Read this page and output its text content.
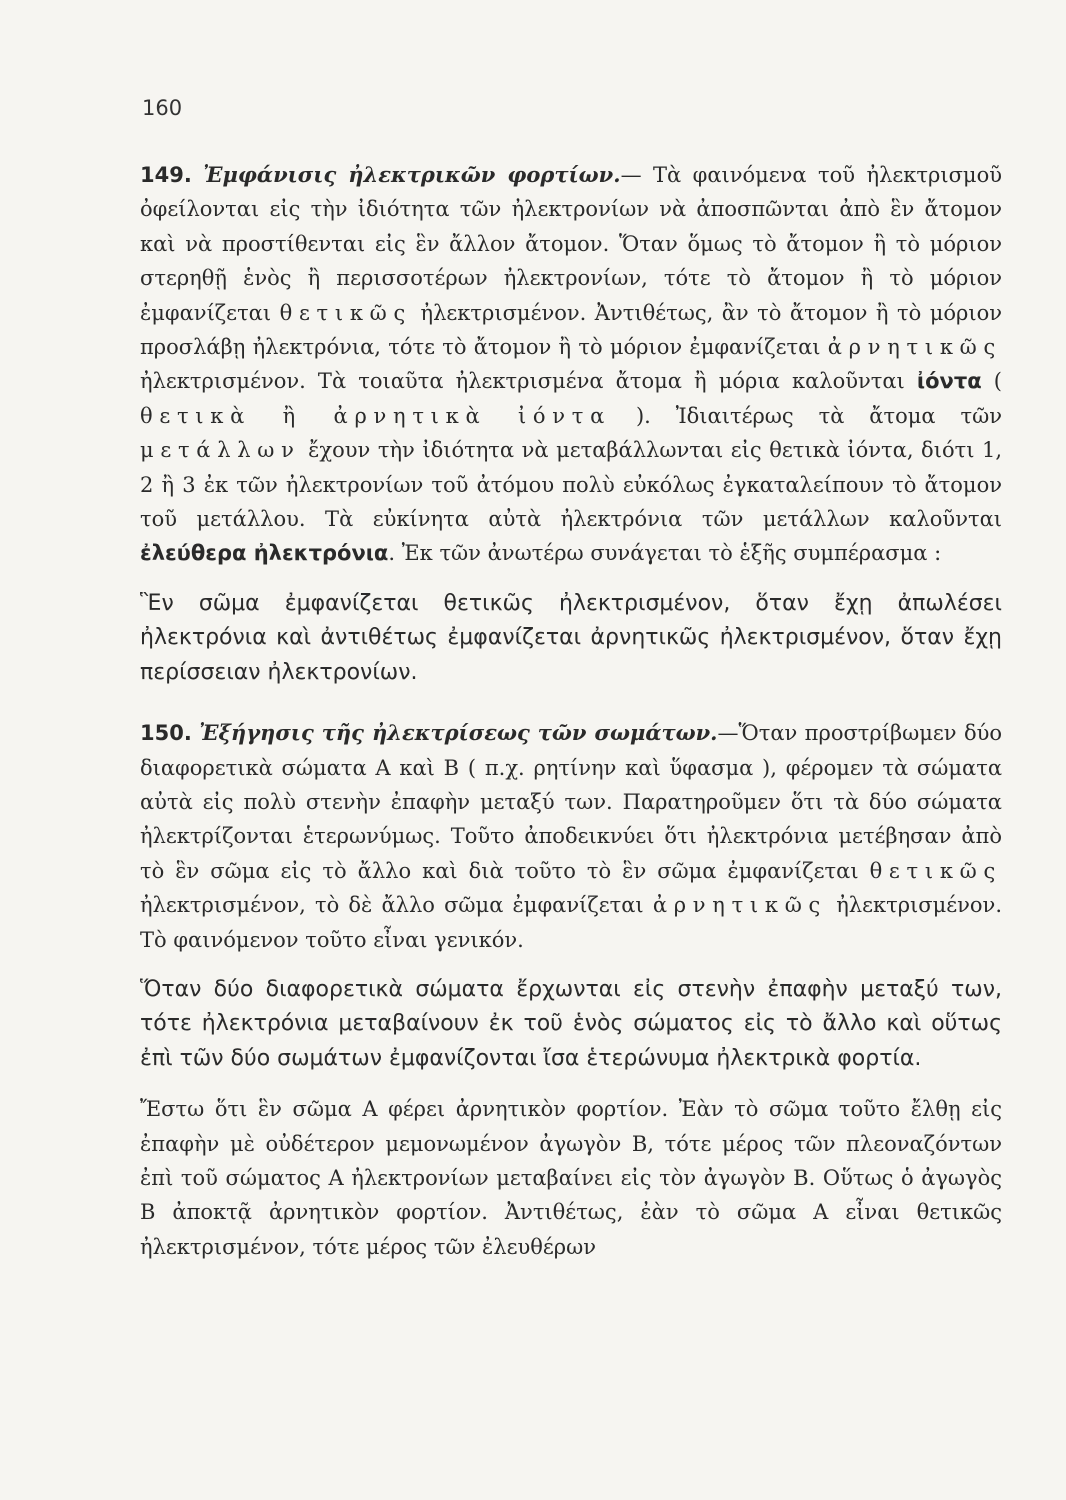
160

149. Ἐμφάνισις ἠλεκτρικῶν φορτίων.— Τὰ φαινόμενα τοῦ ἠλεκτρισμοῦ ὀφείλονται εἰς τὴν ἰδιότητα τῶν ἠλεκτρονίων νὰ ἀποσπῶνται ἀπὸ ἓν ἄτομον καὶ νὰ προστίθενται εἰς ἓν ἄλλον ἄτομον. Ὅταν ὅμως τὸ ἄτομον ἢ τὸ μόριον στερηθῇ ἑνὸς ἢ περισσοτέρων ἠλεκτρονίων, τότε τὸ ἄτομον ἢ τὸ μόριον ἐμφανίζεται θετικῶς ἠλεκτρισμένον. Ἀντιθέτως, ἂν τὸ ἄτομον ἢ τὸ μόριον προσλάβῃ ἠλεκτρόνια, τότε τὸ ἄτομον ἢ τὸ μόριον ἐμφανίζεται ἀρνητικῶς ἠλεκτρισμένον. Τὰ τοιαῦτα ἠλεκτρισμένα ἄτομα ἢ μόρια καλοῦνται ἰόντα ( θετικὰ ἢ ἀρνητικὰ ἰόντα ). Ἰδιαιτέρως τὰ ἄτομα τῶν μετάλλων ἔχουν τὴν ἰδιότητα νὰ μεταβάλλωνται εἰς θετικὰ ἰόντα, διότι 1, 2 ἢ 3 ἐκ τῶν ἠλεκτρονίων τοῦ ἀτόμου πολὺ εὐκόλως ἐγκαταλείπουν τὸ ἄτομον τοῦ μετάλλου. Τὰ εὐκίνητα αὐτὰ ἠλεκτρόνια τῶν μετάλλων καλοῦνται ἐλεύθερα ἠλεκτρόνια. Ἐκ τῶν ἀνωτέρω συνάγεται τὸ ἑξῆς συμπέρασμα :

Ἓν σῶμα ἐμφανίζεται θετικῶς ἠλεκτρισμένον, ὅταν ἔχῃ ἀπωλέσει ἠλεκτρόνια καὶ ἀντιθέτως ἐμφανίζεται ἀρνητικῶς ἠλεκτρισμένον, ὅταν ἔχῃ περίσσειαν ἠλεκτρονίων.

150. Ἐξήγησις τῆς ἠλεκτρίσεως τῶν σωμάτων.—Ὅταν προστρίβωμεν δύο διαφορετικὰ σώματα Α καὶ Β ( π.χ. ρητίνην καὶ ὕφασμα ), φέρομεν τὰ σώματα αὐτὰ εἰς πολὺ στενὴν ἐπαφὴν μεταξύ των. Παρατηροῦμεν ὅτι τὰ δύο σώματα ἠλεκτρίζονται ἑτερωνύμως. Τοῦτο ἀποδεικνύει ὅτι ἠλεκτρόνια μετέβησαν ἀπὸ τὸ ἓν σῶμα εἰς τὸ ἄλλο καὶ διὰ τοῦτο τὸ ἓν σῶμα ἐμφανίζεται θετικῶς ἠλεκτρισμένον, τὸ δὲ ἄλλο σῶμα ἐμφανίζεται ἀρνητικῶς ἠλεκτρισμένον. Τὸ φαινόμενον τοῦτο εἶναι γενικόν.

Ὅταν δύο διαφορετικὰ σώματα ἔρχωνται εἰς στενὴν ἐπαφὴν μεταξύ των, τότε ἠλεκτρόνια μεταβαίνουν ἐκ τοῦ ἑνὸς σώματος εἰς τὸ ἄλλο καὶ οὕτως ἐπὶ τῶν δύο σωμάτων ἐμφανίζονται ἴσα ἑτερώνυμα ἠλεκτρικὰ φορτία.

Ἔστω ὅτι ἓν σῶμα Α φέρει ἀρνητικὸν φορτίον. Ἐὰν τὸ σῶμα τοῦτο ἔλθῃ εἰς ἐπαφὴν μὲ οὐδέτερον μεμονωμένον ἀγωγὸν Β, τότε μέρος τῶν πλεοναζόντων ἐπὶ τοῦ σώματος Α ἠλεκτρονίων μεταβαίνει εἰς τὸν ἀγωγὸν Β. Οὕτως ὁ ἀγωγὸς Β ἀποκτᾷ ἀρνητικὸν φορτίον. Ἀντιθέτως, ἐὰν τὸ σῶμα Α εἶναι θετικῶς ἠλεκτρισμένον, τότε μέρος τῶν ἐλευθέρων
